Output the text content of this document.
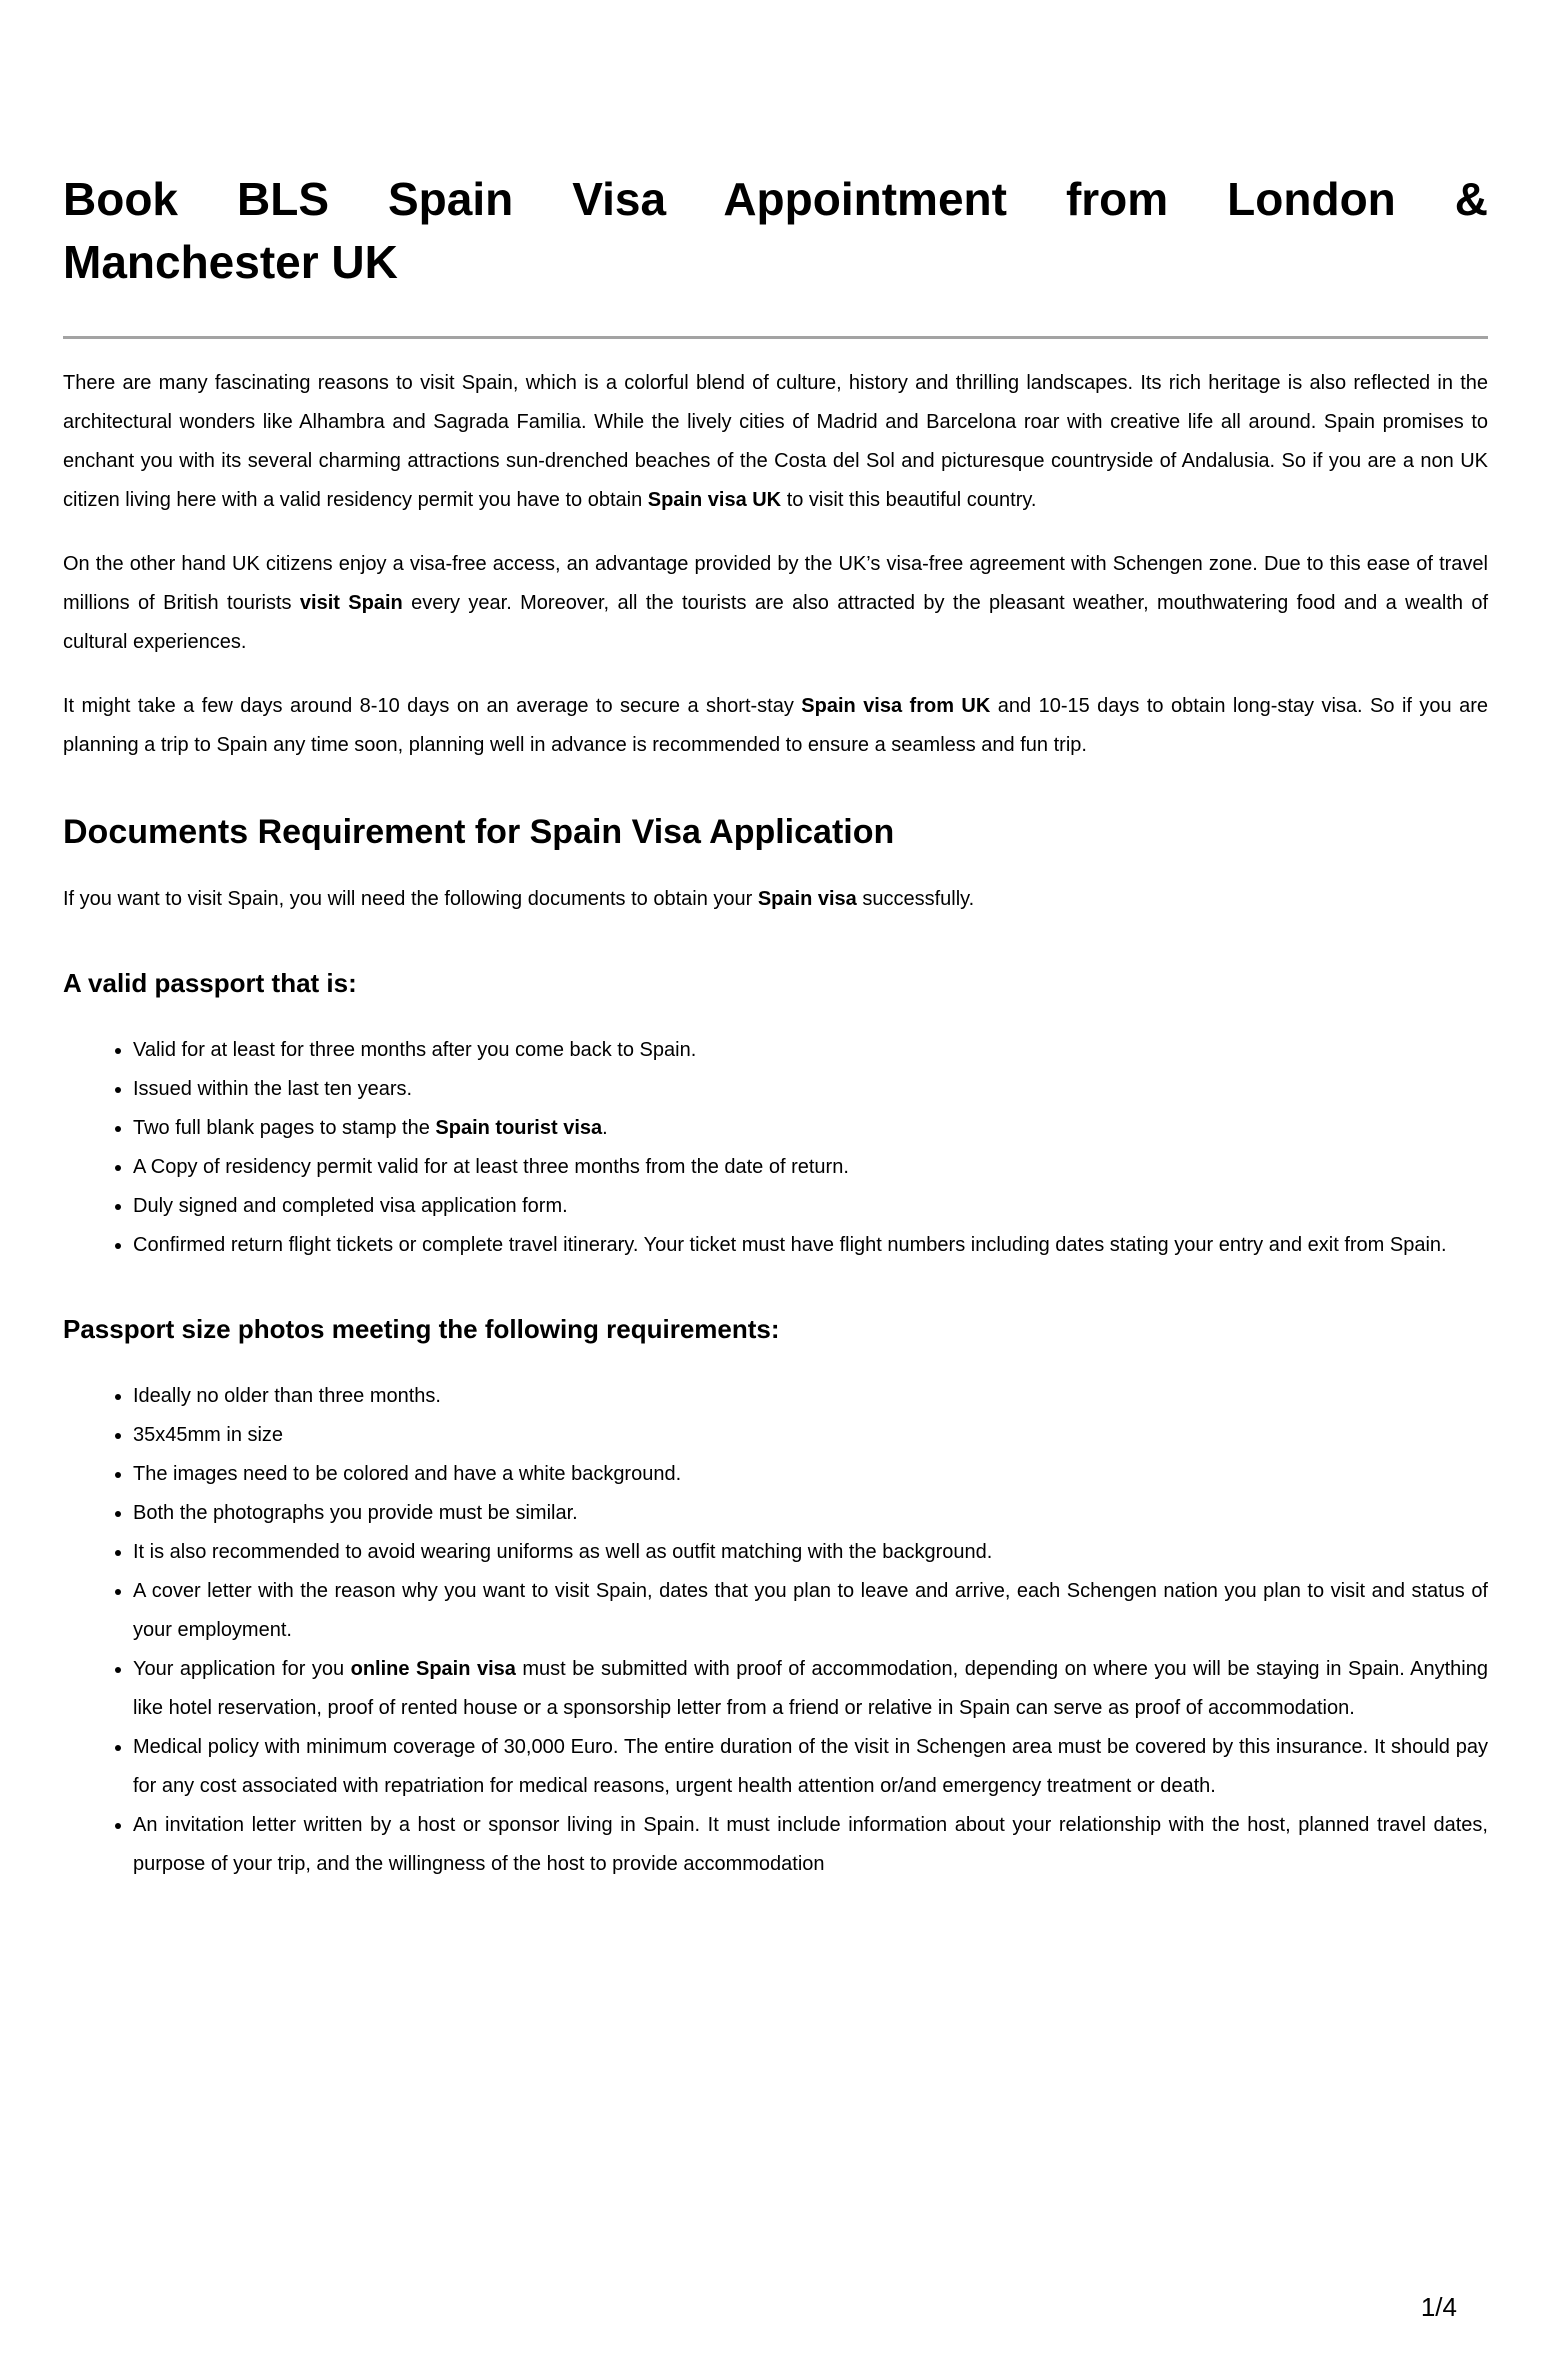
Book BLS Spain Visa Appointment from London &
Manchester UK

There are many fascinating reasons to visit Spain, which is a colorful blend of culture, history and thrilling landscapes. Its rich heritage is also reflected in the architectural wonders like Alhambra and Sagrada Familia. While the lively cities of Madrid and Barcelona roar with creative life all around. Spain promises to enchant you with its several charming attractions sun-drenched beaches of the Costa del Sol and picturesque countryside of Andalusia. So if you are a non UK citizen living here with a valid residency permit you have to obtain Spain visa UK to visit this beautiful country.

On the other hand UK citizens enjoy a visa-free access, an advantage provided by the UK’s visa-free agreement with Schengen zone. Due to this ease of travel millions of British tourists visit Spain every year. Moreover, all the tourists are also attracted by the pleasant weather, mouthwatering food and a wealth of cultural experiences.

It might take a few days around 8-10 days on an average to secure a short-stay Spain visa from UK and 10-15 days to obtain long-stay visa. So if you are planning a trip to Spain any time soon, planning well in advance is recommended to ensure a seamless and fun trip.

Documents Requirement for Spain Visa Application

If you want to visit Spain, you will need the following documents to obtain your Spain visa successfully.

A valid passport that is:
• Valid for at least for three months after you come back to Spain.
• Issued within the last ten years.
• Two full blank pages to stamp the Spain tourist visa.
• A Copy of residency permit valid for at least three months from the date of return.
• Duly signed and completed visa application form.
• Confirmed return flight tickets or complete travel itinerary. Your ticket must have flight numbers including dates stating your entry and exit from Spain.
Passport size photos meeting the following requirements:
• Ideally no older than three months.
• 35x45mm in size
• The images need to be colored and have a white background.
• Both the photographs you provide must be similar.
• It is also recommended to avoid wearing uniforms as well as outfit matching with the background.
• A cover letter with the reason why you want to visit Spain, dates that you plan to leave and arrive, each Schengen nation you plan to visit and status of your employment.
• Your application for you online Spain visa must be submitted with proof of accommodation, depending on where you will be staying in Spain. Anything like hotel reservation, proof of rented house or a sponsorship letter from a friend or relative in Spain can serve as proof of accommodation.
• Medical policy with minimum coverage of 30,000 Euro. The entire duration of the visit in Schengen area must be covered by this insurance. It should pay for any cost associated with repatriation for medical reasons, urgent health attention or/and emergency treatment or death.
• An invitation letter written by a host or sponsor living in Spain. It must include information about your relationship with the host, planned travel dates, purpose of your trip, and the willingness of the host to provide accommodation
1/4
